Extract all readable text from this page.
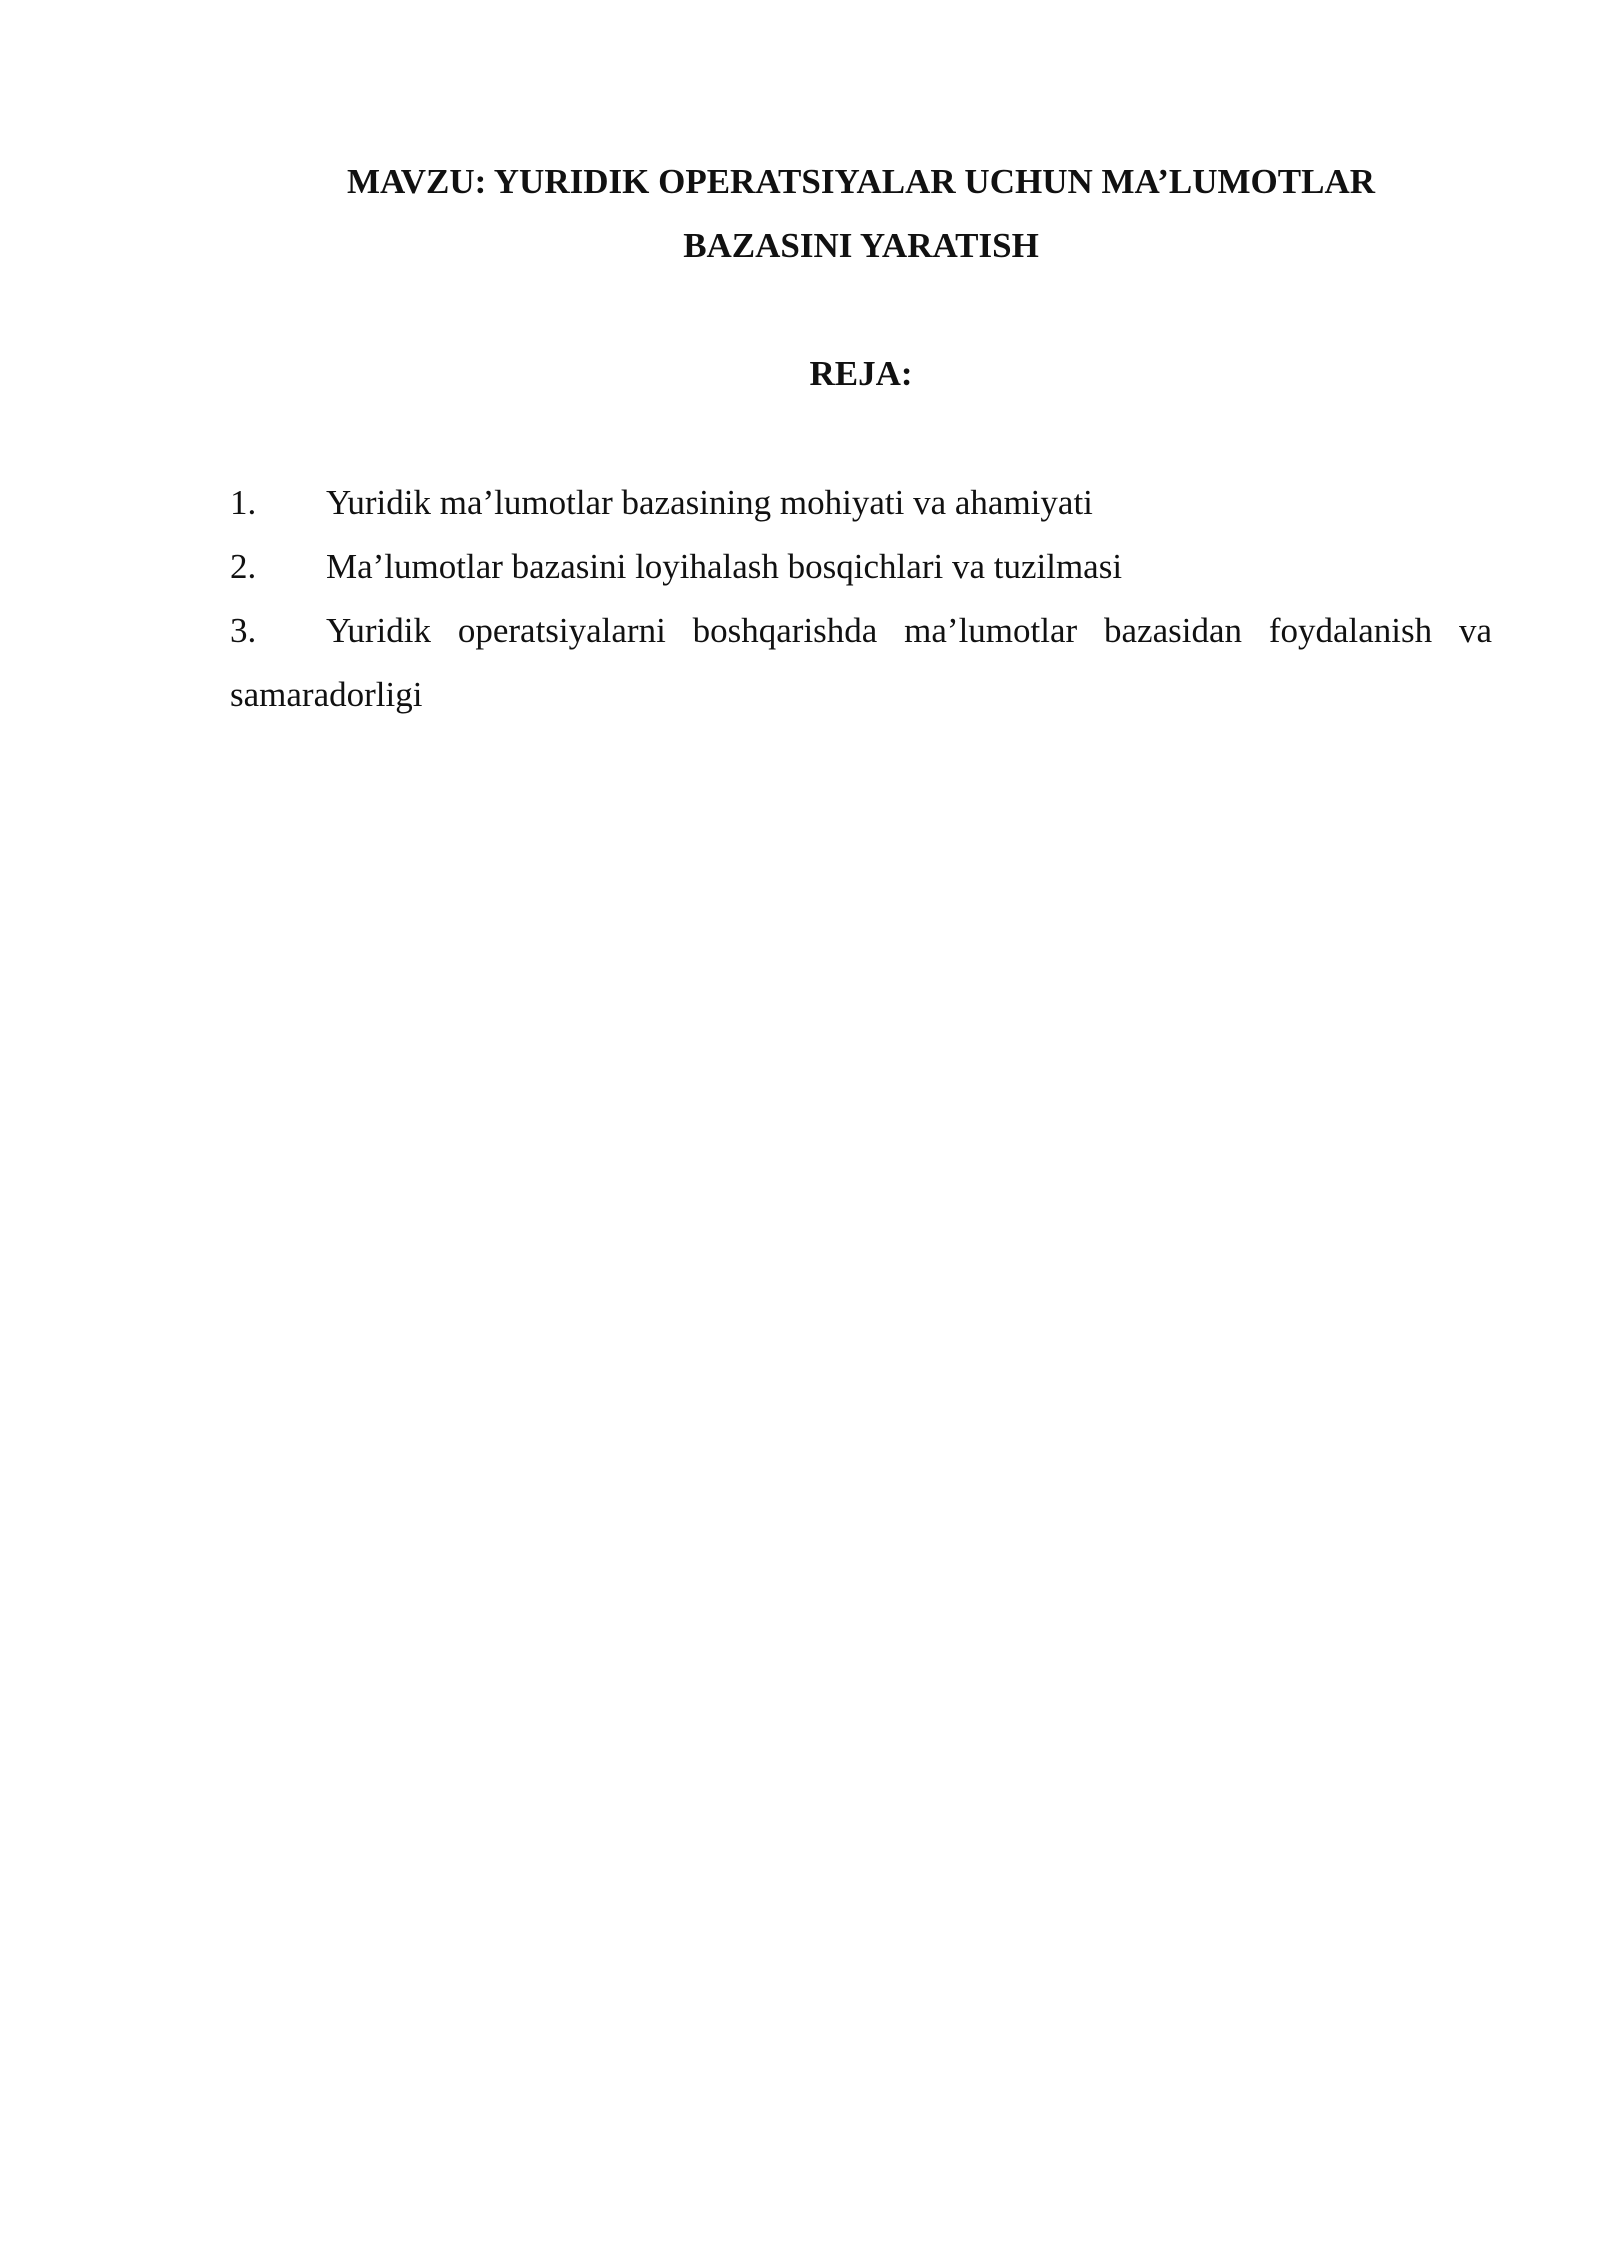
MAVZU: YURIDIK OPERATSIYALAR UCHUN MA’LUMOTLAR
BAZASINI YARATISH
REJA:
1. Yuridik ma’lumotlar bazasining mohiyati va ahamiyati
2. Ma’lumotlar bazasini loyihalash bosqichlari va tuzilmasi
3. Yuridik operatsiyalarni boshqarishda ma’lumotlar bazasidan foydalanish va samaradorligi
